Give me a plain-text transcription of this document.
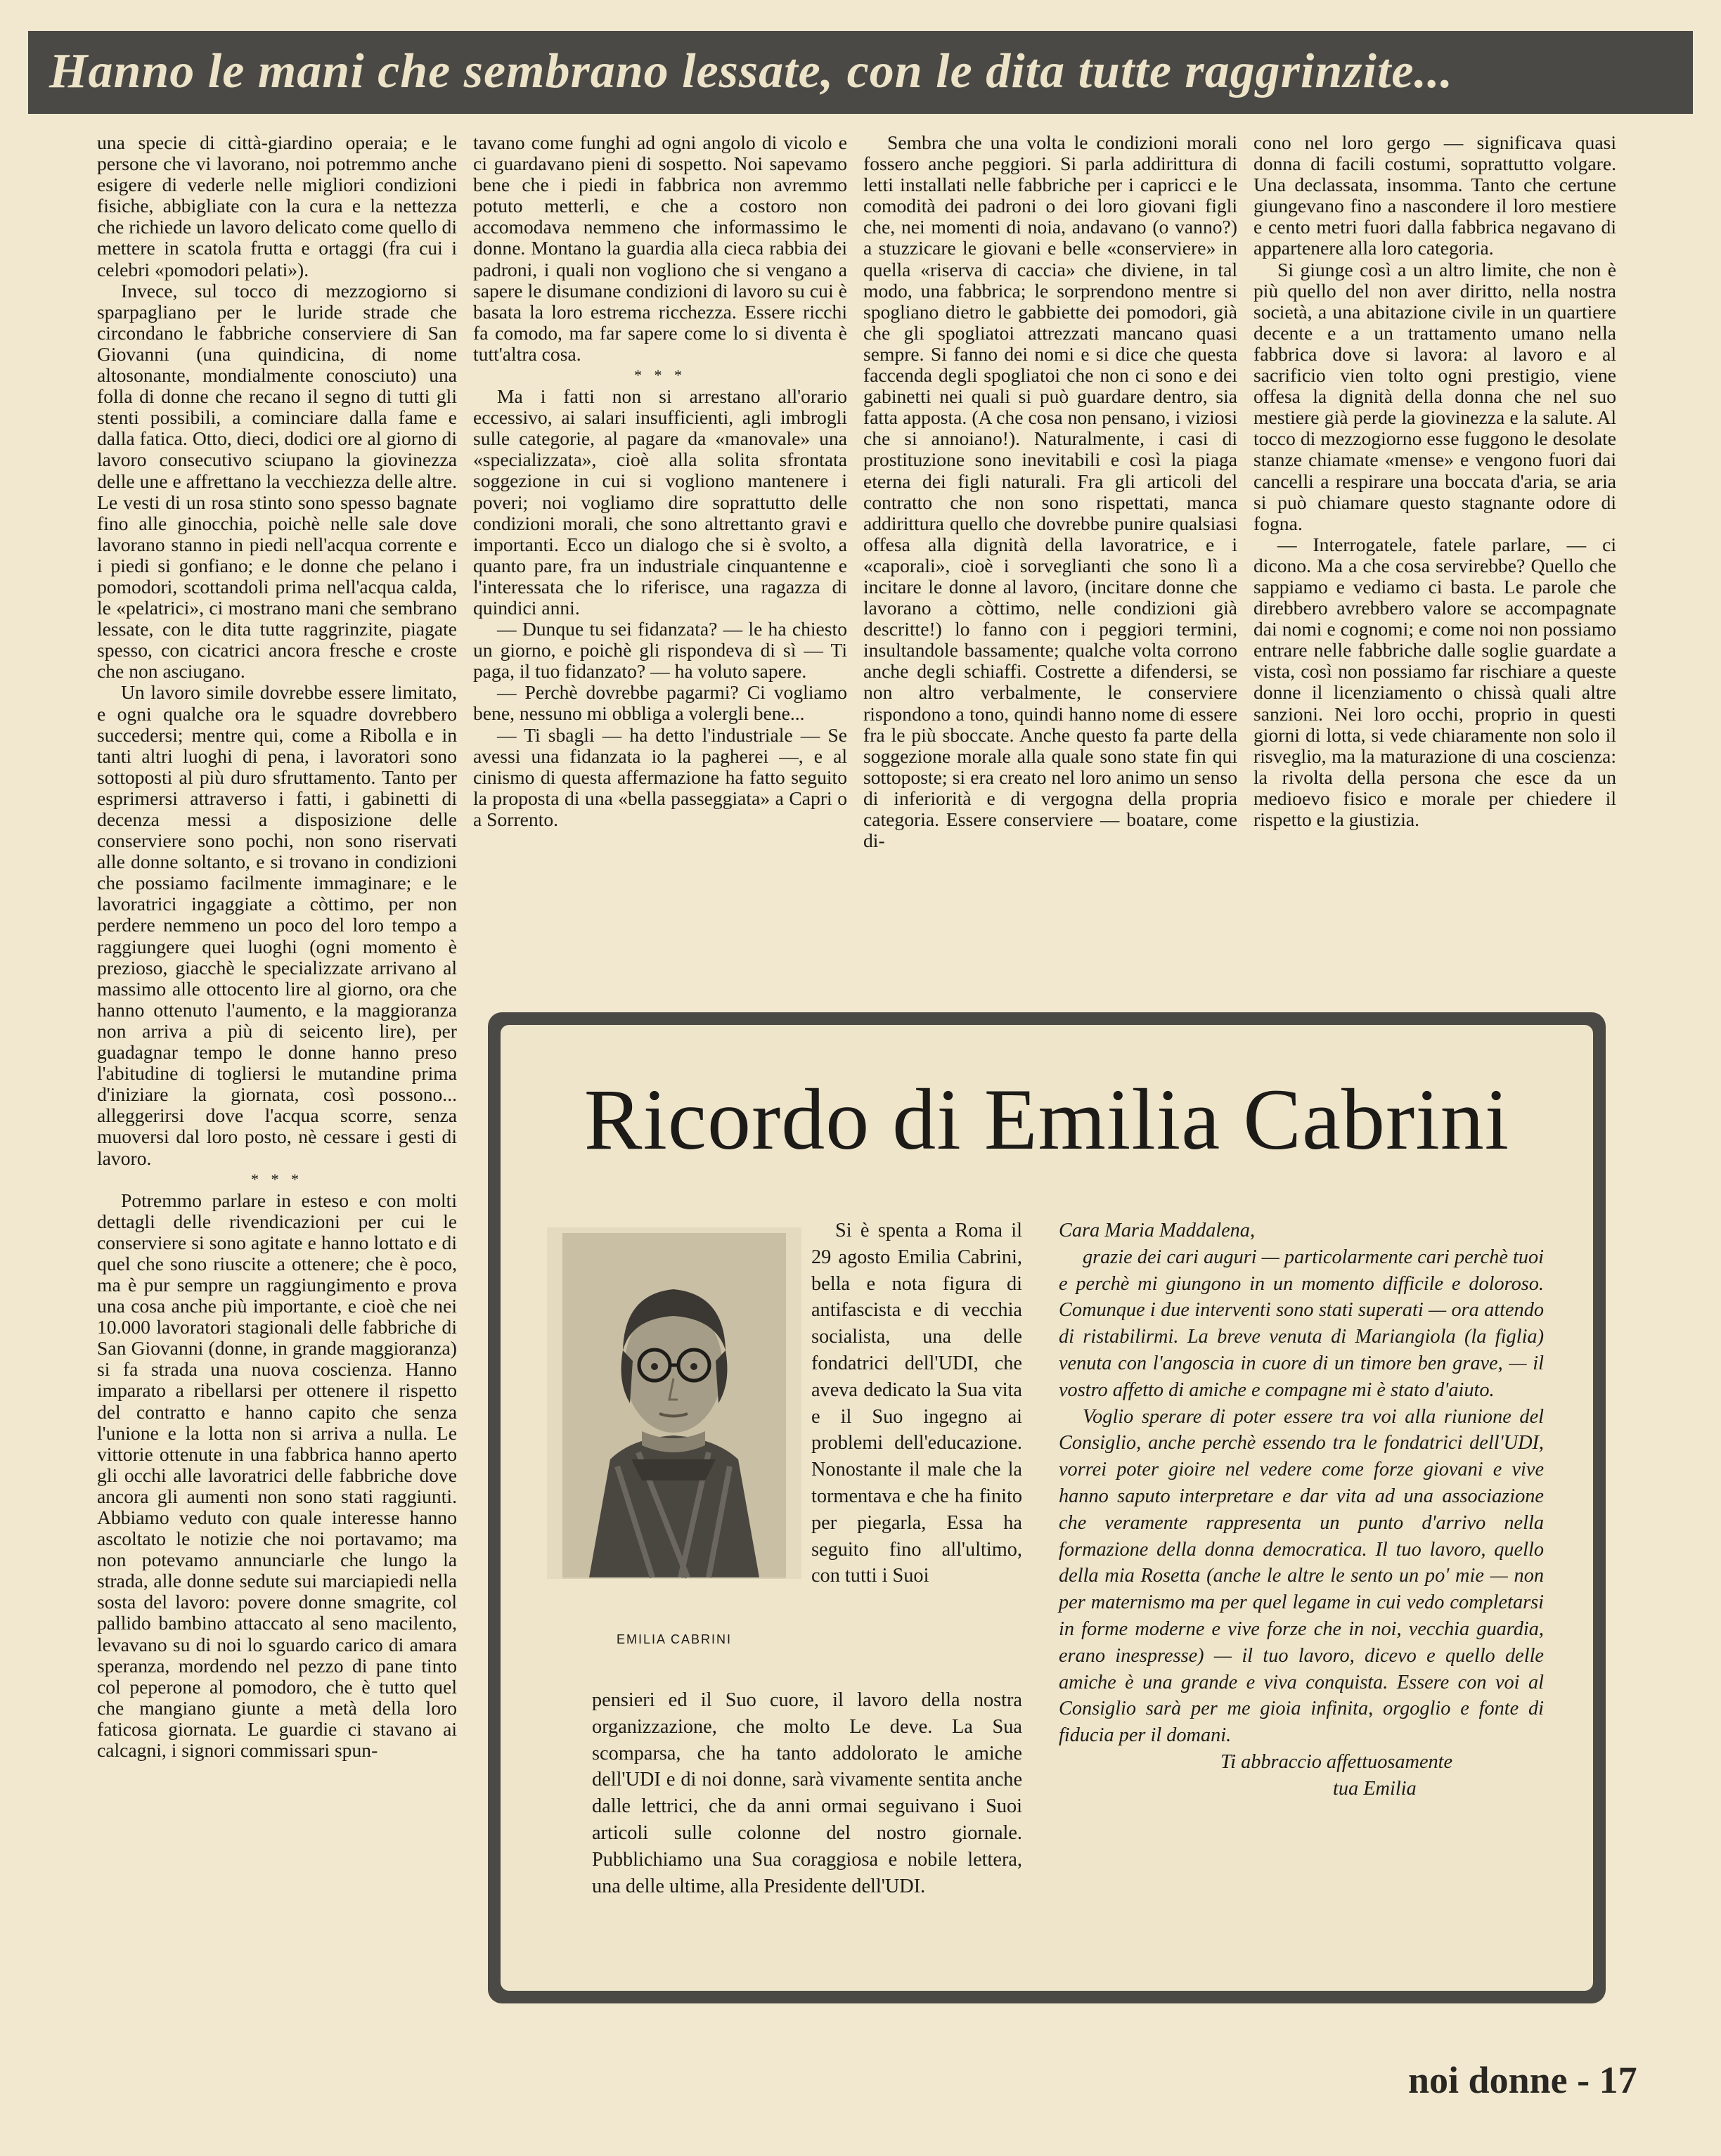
Hanno le mani che sembrano lessate, con le dita tutte raggrinzite...

una specie di città-giardino operaia; e le persone che vi lavorano, noi potremmo anche esigere di vederle nelle migliori condizioni fisiche, abbigliate con la cura e la nettezza che richiede un lavoro delicato come quello di mettere in scatola frutta e ortaggi (fra cui i celebri «pomodori pelati»).

Invece, sul tocco di mezzogiorno si sparpagliano per le luride strade che circondano le fabbriche conserviere di San Giovanni (una quindicina, di nome altosonante, mondialmente conosciuto) una folla di donne che recano il segno di tutti gli stenti possibili, a cominciare dalla fame e dalla fatica. Otto, dieci, dodici ore al giorno di lavoro consecutivo sciupano la giovinezza delle une e affrettano la vecchiezza delle altre. Le vesti di un rosa stinto sono spesso bagnate fino alle ginocchia, poichè nelle sale dove lavorano stanno in piedi nell'acqua corrente e i piedi si gonfiano; e le donne che pelano i pomodori, scottandoli prima nell'acqua calda, le «pelatrici», ci mostrano mani che sembrano lessate, con le dita tutte raggrinzite, piagate spesso, con cicatrici ancora fresche e croste che non asciugano.

Un lavoro simile dovrebbe essere limitato, e ogni qualche ora le squadre dovrebbero succedersi; mentre qui, come a Ribolla e in tanti altri luoghi di pena, i lavoratori sono sottoposti al più duro sfruttamento. Tanto per esprimersi attraverso i fatti, i gabinetti di decenza messi a disposizione delle conserviere sono pochi, non sono riservati alle donne soltanto, e si trovano in condizioni che possiamo facilmente immaginare; e le lavoratrici ingaggiate a còttimo, per non perdere nemmeno un poco del loro tempo a raggiungere quei luoghi (ogni momento è prezioso, giacchè le specializzate arrivano al massimo alle ottocento lire al giorno, ora che hanno ottenuto l'aumento, e la maggioranza non arriva a più di seicento lire), per guadagnar tempo le donne hanno preso l'abitudine di togliersi le mutandine prima d'iniziare la giornata, così possono... alleggerirsi dove l'acqua scorre, senza muoversi dal loro posto, nè cessare i gesti di lavoro.

* * *

Potremmo parlare in esteso e con molti dettagli delle rivendicazioni per cui le conserviere si sono agitate e hanno lottato e di quel che sono riuscite a ottenere; che è poco, ma è pur sempre un raggiungimento e prova una cosa anche più importante, e cioè che nei 10.000 lavoratori stagionali delle fabbriche di San Giovanni (donne, in grande maggioranza) si fa strada una nuova coscienza. Hanno imparato a ribellarsi per ottenere il rispetto del contratto e hanno capito che senza l'unione e la lotta non si arriva a nulla. Le vittorie ottenute in una fabbrica hanno aperto gli occhi alle lavoratrici delle fabbriche dove ancora gli aumenti non sono stati raggiunti. Abbiamo veduto con quale interesse hanno ascoltato le notizie che noi portavamo; ma non potevamo annunciarle che lungo la strada, alle donne sedute sui marciapiedi nella sosta del lavoro: povere donne smagrite, col pallido bambino attaccato al seno macilento, levavano su di noi lo sguardo carico di amara speranza, mordendo nel pezzo di pane tinto col peperone al pomodoro, che è tutto quel che mangiano giunte a metà della loro faticosa giornata. Le guardie ci stavano ai calcagni, i signori commissari spun-

tavano come funghi ad ogni angolo di vicolo e ci guardavano pieni di sospetto. Noi sapevamo bene che i piedi in fabbrica non avremmo potuto metterli, e che a costoro non accomodava nemmeno che informassimo le donne. Montano la guardia alla cieca rabbia dei padroni, i quali non vogliono che si vengano a sapere le disumane condizioni di lavoro su cui è basata la loro estrema ricchezza. Essere ricchi fa comodo, ma far sapere come lo si diventa è tutt'altra cosa.

* * *

Ma i fatti non si arrestano all'orario eccessivo, ai salari insufficienti, agli imbrogli sulle categorie, al pagare da «manovale» una «specializzata», cioè alla solita sfrontata soggezione in cui si vogliono mantenere i poveri; noi vogliamo dire soprattutto delle condizioni morali, che sono altrettanto gravi e importanti. Ecco un dialogo che si è svolto, a quanto pare, fra un industriale cinquantenne e l'interessata che lo riferisce, una ragazza di quindici anni.

— Dunque tu sei fidanzata? — le ha chiesto un giorno, e poichè gli rispondeva di sì — Ti paga, il tuo fidanzato? — ha voluto sapere.

— Perchè dovrebbe pagarmi? Ci vogliamo bene, nessuno mi obbliga a volergli bene...

— Ti sbagli — ha detto l'industriale — Se avessi una fidanzata io la pagherei —, e al cinismo di questa affermazione ha fatto seguito la proposta di una «bella passeggiata» a Capri o a Sorrento.

Sembra che una volta le condizioni morali fossero anche peggiori. Si parla addirittura di letti installati nelle fabbriche per i capricci e le comodità dei padroni o dei loro giovani figli che, nei momenti di noia, andavano (o vanno?) a stuzzicare le giovani e belle «conserviere» in quella «riserva di caccia» che diviene, in tal modo, una fabbrica; le sorprendono mentre si spogliano dietro le gabbiette dei pomodori, già che gli spogliatoi attrezzati mancano quasi sempre. Si fanno dei nomi e si dice che questa faccenda degli spogliatoi che non ci sono e dei gabinetti nei quali si può guardare dentro, sia fatta apposta. (A che cosa non pensano, i viziosi che si annoiano!). Naturalmente, i casi di prostituzione sono inevitabili e così la piaga eterna dei figli naturali. Fra gli articoli del contratto che non sono rispettati, manca addirittura quello che dovrebbe punire qualsiasi offesa alla dignità della lavoratrice, e i «caporali», cioè i sorveglianti che sono lì a incitare le donne al lavoro, (incitare donne che lavorano a còttimo, nelle condizioni già descritte!) lo fanno con i peggiori termini, insultandole bassamente; qualche volta corrono anche degli schiaffi. Costrette a difendersi, se non altro verbalmente, le conserviere rispondono a tono, quindi hanno nome di essere fra le più sboccate. Anche questo fa parte della soggezione morale alla quale sono state fin qui sottoposte; si era creato nel loro animo un senso di inferiorità e di vergogna della propria categoria. Essere conserviere — boatare, come di-

cono nel loro gergo — significava quasi donna di facili costumi, soprattutto volgare. Una declassata, insomma. Tanto che certune giungevano fino a nascondere il loro mestiere e cento metri fuori dalla fabbrica negavano di appartenere alla loro categoria.

Si giunge così a un altro limite, che non è più quello del non aver diritto, nella nostra società, a una abitazione civile in un quartiere decente e a un trattamento umano nella fabbrica dove si lavora: al lavoro e al sacrificio vien tolto ogni prestigio, viene offesa la dignità della donna che nel suo mestiere già perde la giovinezza e la salute. Al tocco di mezzogiorno esse fuggono le desolate stanze chiamate «mense» e vengono fuori dai cancelli a respirare una boccata d'aria, se aria si può chiamare questo stagnante odore di fogna.

— Interrogatele, fatele parlare, — ci dicono. Ma a che cosa servirebbe? Quello che sappiamo e vediamo ci basta. Le parole che direbbero avrebbero valore se accompagnate dai nomi e cognomi; e come noi non possiamo entrare nelle fabbriche dalle soglie guardate a vista, così non possiamo far rischiare a queste donne il licenziamento o chissà quali altre sanzioni. Nei loro occhi, proprio in questi giorni di lotta, si vede chiaramente non solo il risveglio, ma la maturazione di una coscienza: la rivolta della persona che esce da un medioevo fisico e morale per chiedere il rispetto e la giustizia.

Ricordo di Emilia Cabrini
EMILIA CABRINI

Si è spenta a Roma il 29 agosto Emilia Cabrini, bella e nota figura di antifascista e di vecchia socialista, una delle fondatrici dell'UDI, che aveva dedicato la Sua vita e il Suo ingegno ai problemi dell'educazione. Nonostante il male che la tormentava e che ha finito per piegarla, Essa ha seguito fino all'ultimo, con tutti i Suoi

pensieri ed il Suo cuore, il lavoro della nostra organizzazione, che molto Le deve. La Sua scomparsa, che ha tanto addolorato le amiche dell'UDI e di noi donne, sarà vivamente sentita anche dalle lettrici, che da anni ormai seguivano i Suoi articoli sulle colonne del nostro giornale. Pubblichiamo una Sua coraggiosa e nobile lettera, una delle ultime, alla Presidente dell'UDI.

Cara Maria Maddalena,

grazie dei cari auguri — particolarmente cari perchè tuoi e perchè mi giungono in un momento difficile e doloroso. Comunque i due interventi sono stati superati — ora attendo di ristabilirmi. La breve venuta di Mariangiola (la figlia) venuta con l'angoscia in cuore di un timore ben grave, — il vostro affetto di amiche e compagne mi è stato d'aiuto.

Voglio sperare di poter essere tra voi alla riunione del Consiglio, anche perchè essendo tra le fondatrici dell'UDI, vorrei poter gioire nel vedere come forze giovani e vive hanno saputo interpretare e dar vita ad una associazione che veramente rappresenta un punto d'arrivo nella formazione della donna democratica. Il tuo lavoro, quello della mia Rosetta (anche le altre le sento un po' mie — non per maternismo ma per quel legame in cui vedo completarsi in forme moderne e vive forze che in noi, vecchia guardia, erano inespresse) — il tuo lavoro, dicevo e quello delle amiche è una grande e viva conquista. Essere con voi al Consiglio sarà per me gioia infinita, orgoglio e fonte di fiducia per il domani.

Ti abbraccio affettuosamente

tua Emilia

noi donne - 17
